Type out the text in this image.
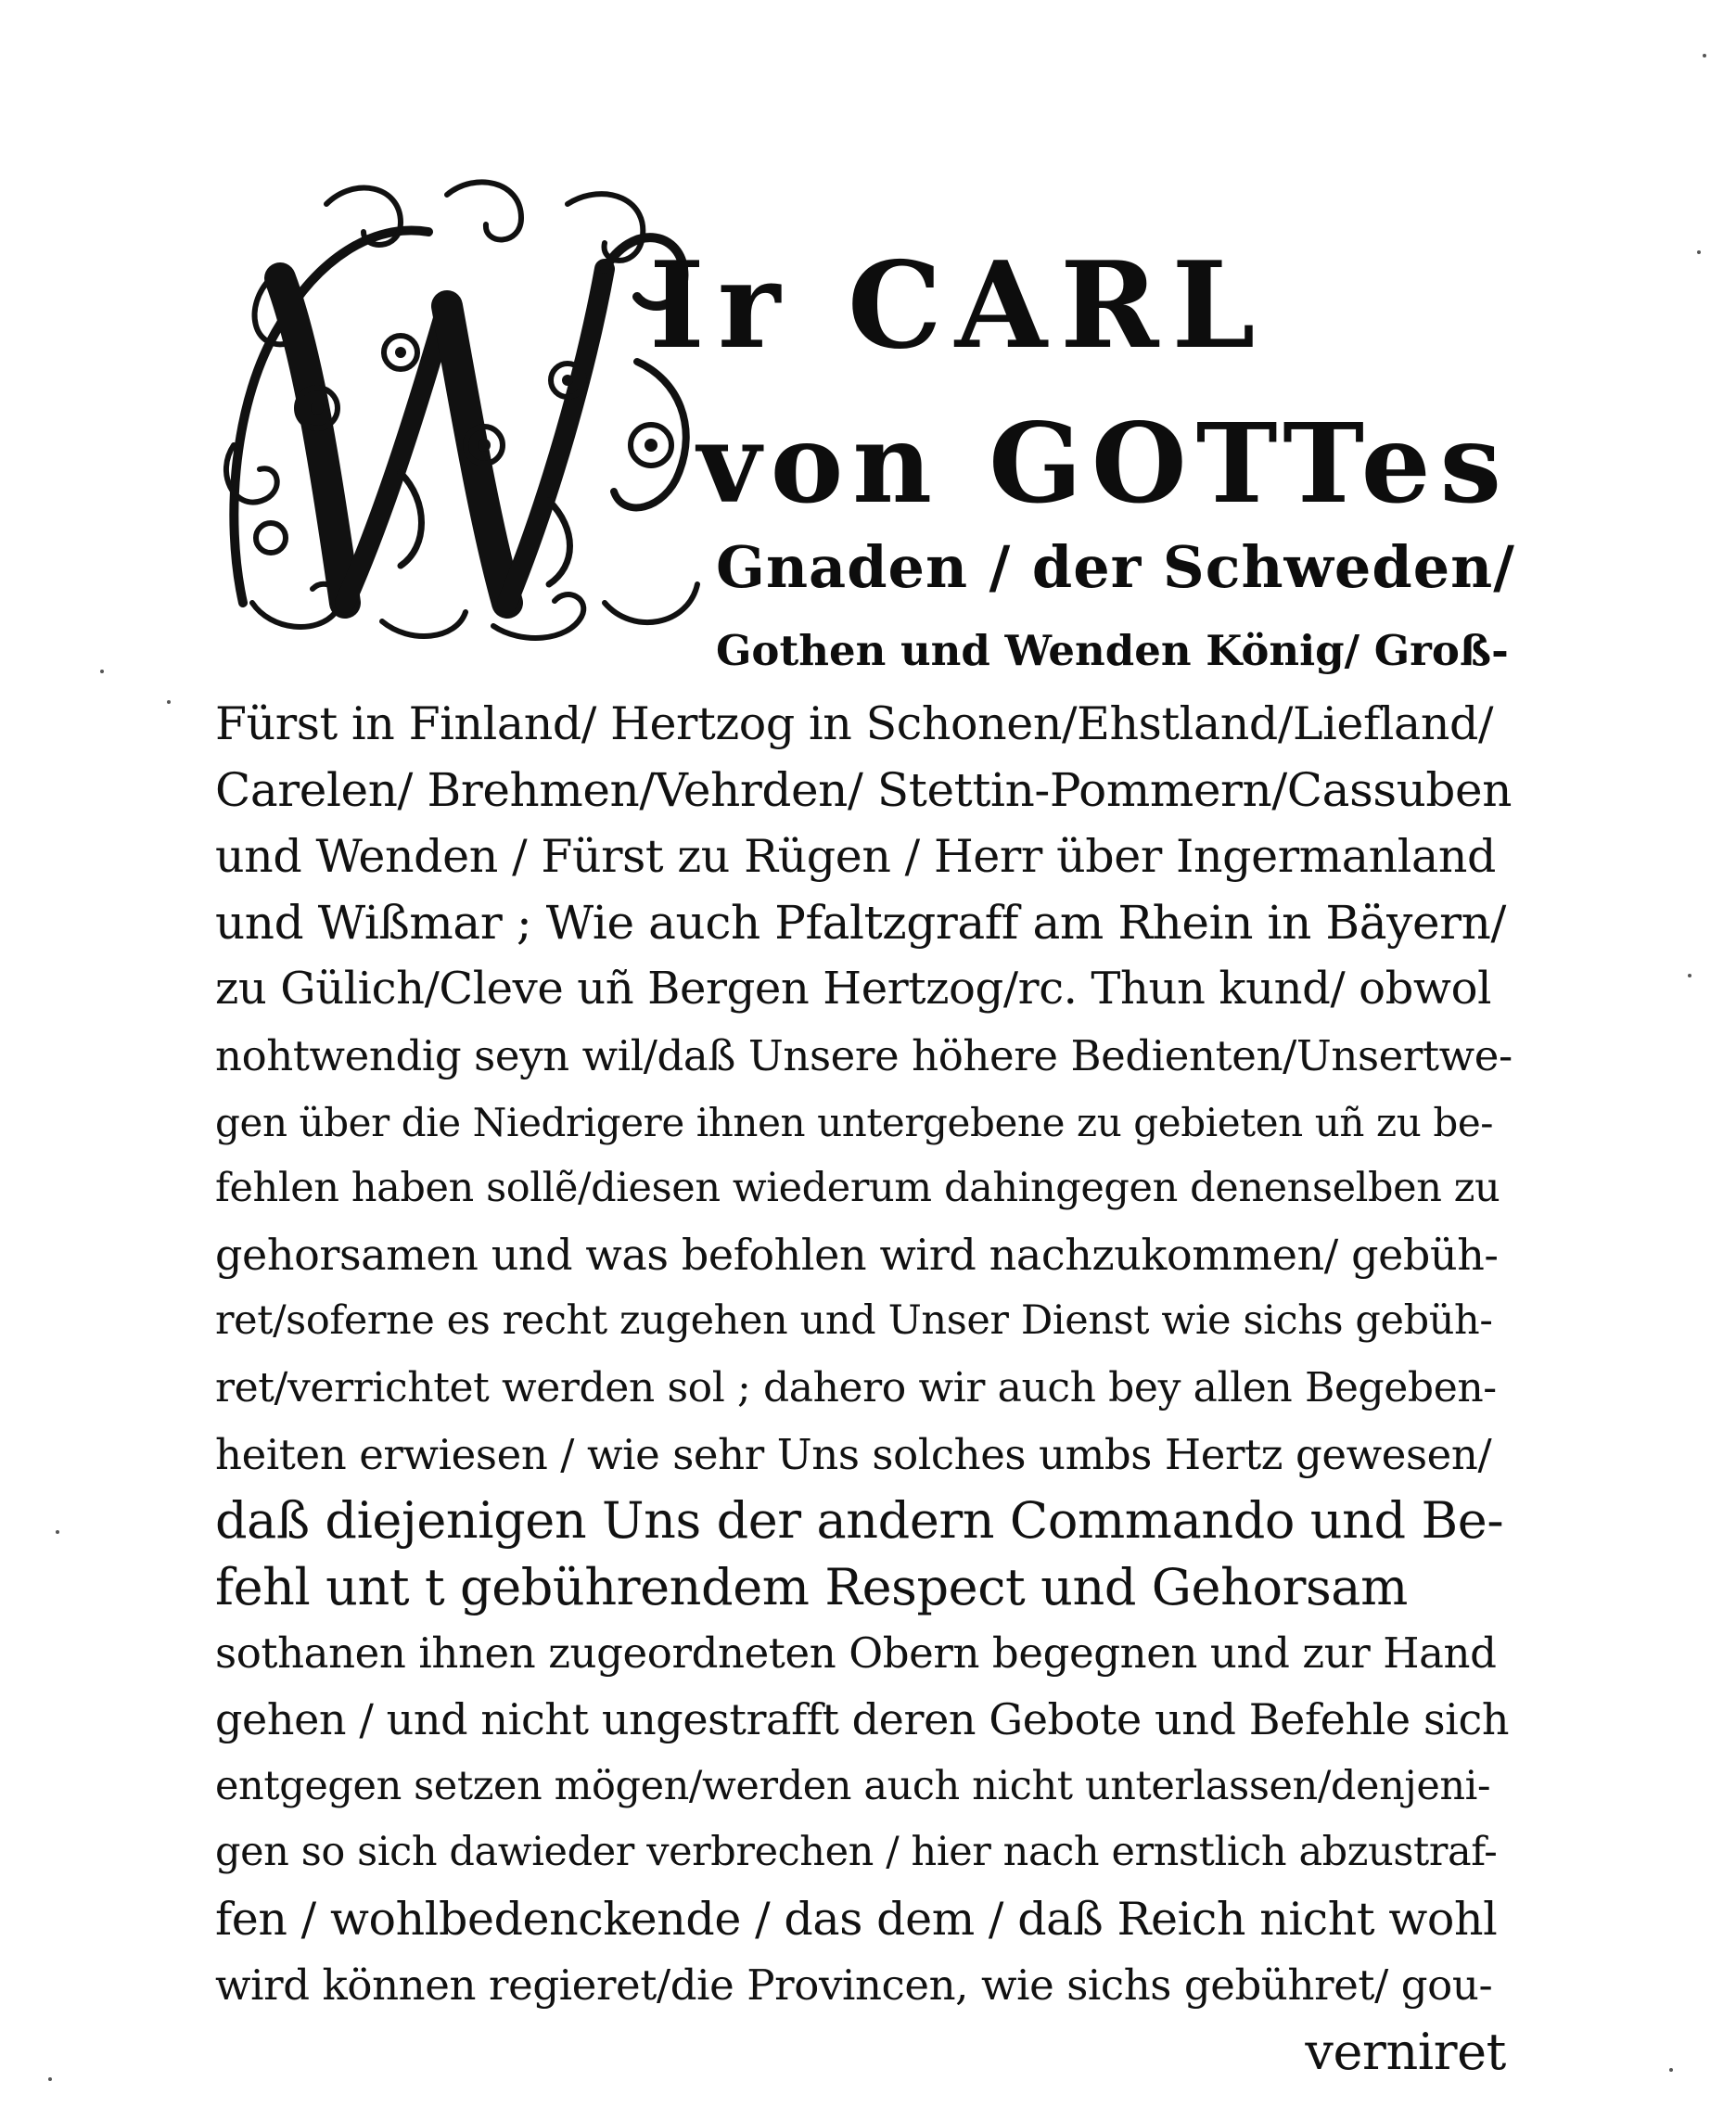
Ir CARL
von GOTTes
Gnaden / der Schweden/
Gothen und Wenden König/ Groß-
Fürst in Finland/ Hertzog in Schonen/Ehstland/Liefland/
Carelen/ Brehmen/Vehrden/ Stettin-Pommern/Cassuben
und Wenden / Fürst zu Rügen / Herr über Ingermanland
und Wißmar ; Wie auch Pfaltzgraff am Rhein in Bäyern/
zu Gülich/Cleve uñ Bergen Hertzog/rc. Thun kund/ obwol
nohtwendig seyn wil/daß Unsere höhere Bedienten/Unsertwe-
gen über die Niedrigere ihnen untergebene zu gebieten uñ zu be-
fehlen haben sollẽ/diesen wiederum dahingegen denenselben zu
gehorsamen und was befohlen wird nachzukommen/ gebüh-
ret/soferne es recht zugehen und Unser Dienst wie sichs gebüh-
ret/verrichtet werden sol ; dahero wir auch bey allen Begeben-
heiten erwiesen / wie sehr Uns solches umbs Hertz gewesen/
daß diejenigen Uns der andern Commando und Be-
fehl unt t gebührendem Respect und Gehorsam
sothanen ihnen zugeordneten Obern begegnen und zur Hand
gehen / und nicht ungestrafft deren Gebote und Befehle sich
entgegen setzen mögen/werden auch nicht unterlassen/denjeni-
gen so sich dawieder verbrechen / hier nach ernstlich abzustraf-
fen / wohlbedenckende / das dem / daß Reich nicht wohl
wird können regieret/die Provincen, wie sichs gebühret/ gou-
verniret
